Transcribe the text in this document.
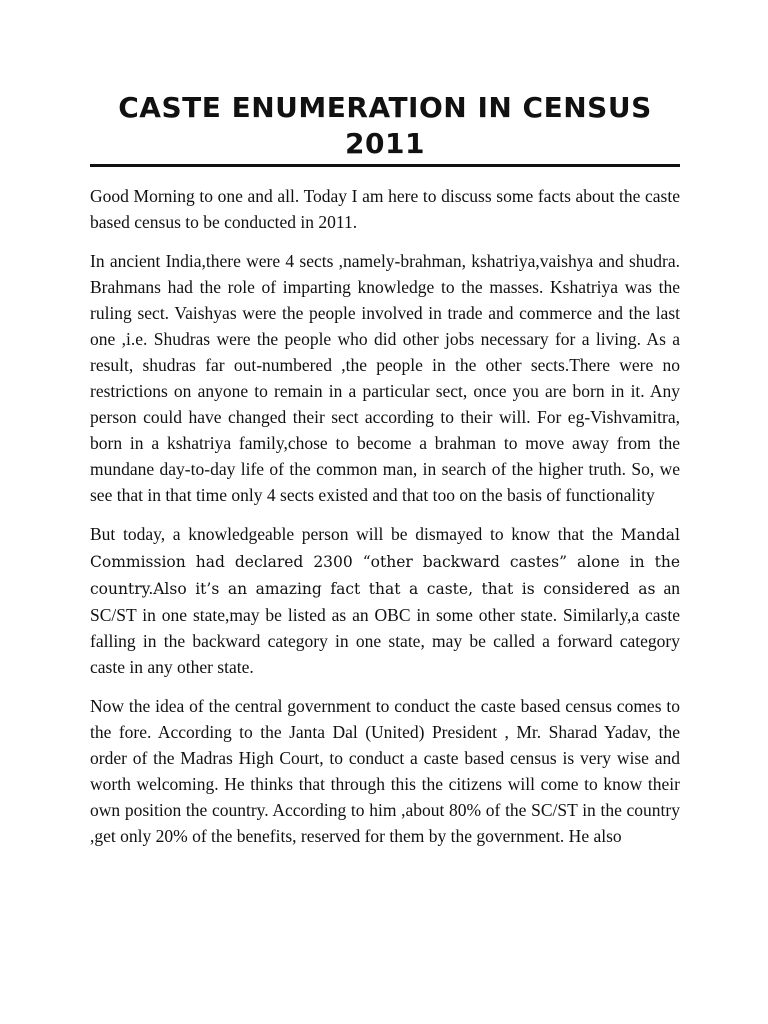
CASTE ENUMERATION IN CENSUS 2011

Good Morning to one and all. Today I am here to discuss some facts about the caste based census to be conducted in 2011.

In ancient India,there were 4 sects ,namely-brahman, kshatriya,vaishya and shudra. Brahmans had the role of imparting knowledge to the masses. Kshatriya was the ruling sect. Vaishyas were the people involved in trade and commerce and the last one ,i.e. Shudras were the people who did other jobs necessary for a living. As a result, shudras far out-numbered ,the people in the other sects.There were no restrictions on anyone to remain in a particular sect, once you are born in it. Any person could have changed their sect according to their will. For eg-Vishvamitra, born in a kshatriya family,chose to become a brahman to move away from the mundane day-to-day life of the common man, in search of the higher truth. So, we see that in that time only 4 sects existed and that too on the basis of functionality

But today, a knowledgeable person will be dismayed to know that the Mandal Commission had declared 2300 “other backward castes” alone in the country.Also it’s an amazing fact that a caste, that is considered as an SC/ST in one state,may be listed as an OBC in some other state. Similarly,a caste falling in the backward category in one state, may be called a forward category caste in any other state.

Now the idea of the central government to conduct the caste based census comes to the fore. According to the Janta Dal (United) President , Mr. Sharad Yadav, the order of the Madras High Court, to conduct a caste based census is very wise and worth welcoming. He thinks that through this the citizens will come to know their own position the country. According to him ,about 80% of the SC/ST in the country ,get only 20% of the benefits, reserved for them by the government. He also
